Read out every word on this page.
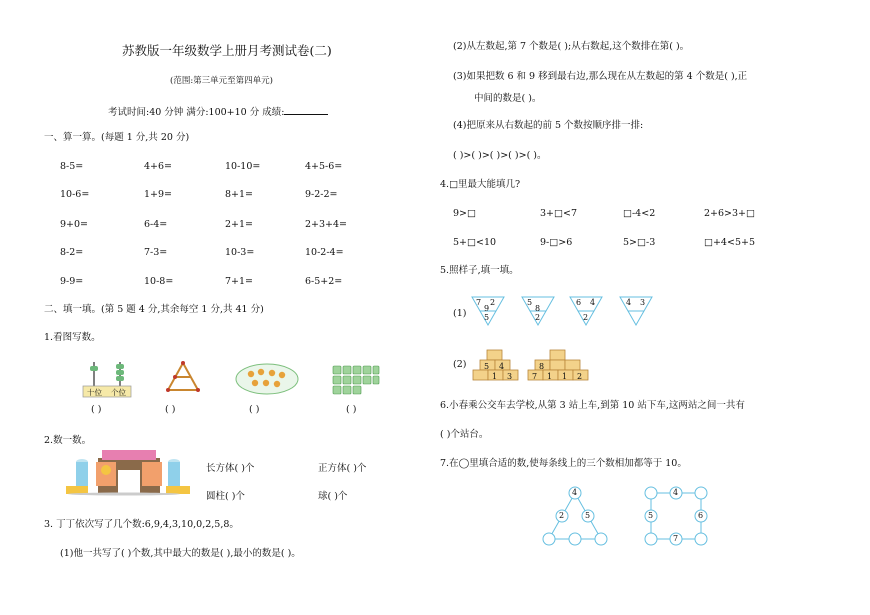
苏教版一年级数学上册月考测试卷(二)
(范围:第三单元至第四单元)
考试时间:40 分钟 满分:100+10 分 成绩:
一、算一算。(每题 1 分,共 20 分)
8-5=	4+6=	10-10=	4+5-6=
10-6=	1+9=	8+1=	9-2-2=
9+0=	6-4=	2+1=	2+3+4=
8-2=	7-3=	10-3=	10-2-4=
9-9=	10-8=	7+1=	6-5+2=
二、填一填。(第 5 题 4 分,其余每空 1 分,共 41 分)
1.看图写数。
十位 个位
( )	( )	( )	( )
2.数一数。
长方体( )个	正方体( )个
圆柱( )个	球( )个
3. 丁丁依次写了几个数:6,9,4,3,10,0,2,5,8。
(1)他一共写了( )个数,其中最大的数是( ),最小的数是( )。
(2)从左数起,第 7 个数是( );从右数起,这个数排在第( )。
(3)如果把数 6 和 9 移到最右边,那么现在从左数起的第 4 个数是( ),正
中间的数是( )。
(4)把原来从右数起的前 5 个数按顺序排一排:
( )>( )>( )>( )>( )。
4.□里最大能填几?
9>□	3+□<7	□-4<2	2+6>3+□
5+□<10	9-□>6	5>□-3	□+4<5+5
5.照样子,填一填。
(1)
7 2
9
5
5
8
2
6 4
2
4 3
(2) 5 4
1 3
8
7 1 1 2
6.小春乘公交车去学校,从第 3 站上车,到第 10 站下车,这两站之间一共有
( )个站台。
7.在◯里填合适的数,使每条线上的三个数相加都等于 10。
4
2	5
4
5	6
7
